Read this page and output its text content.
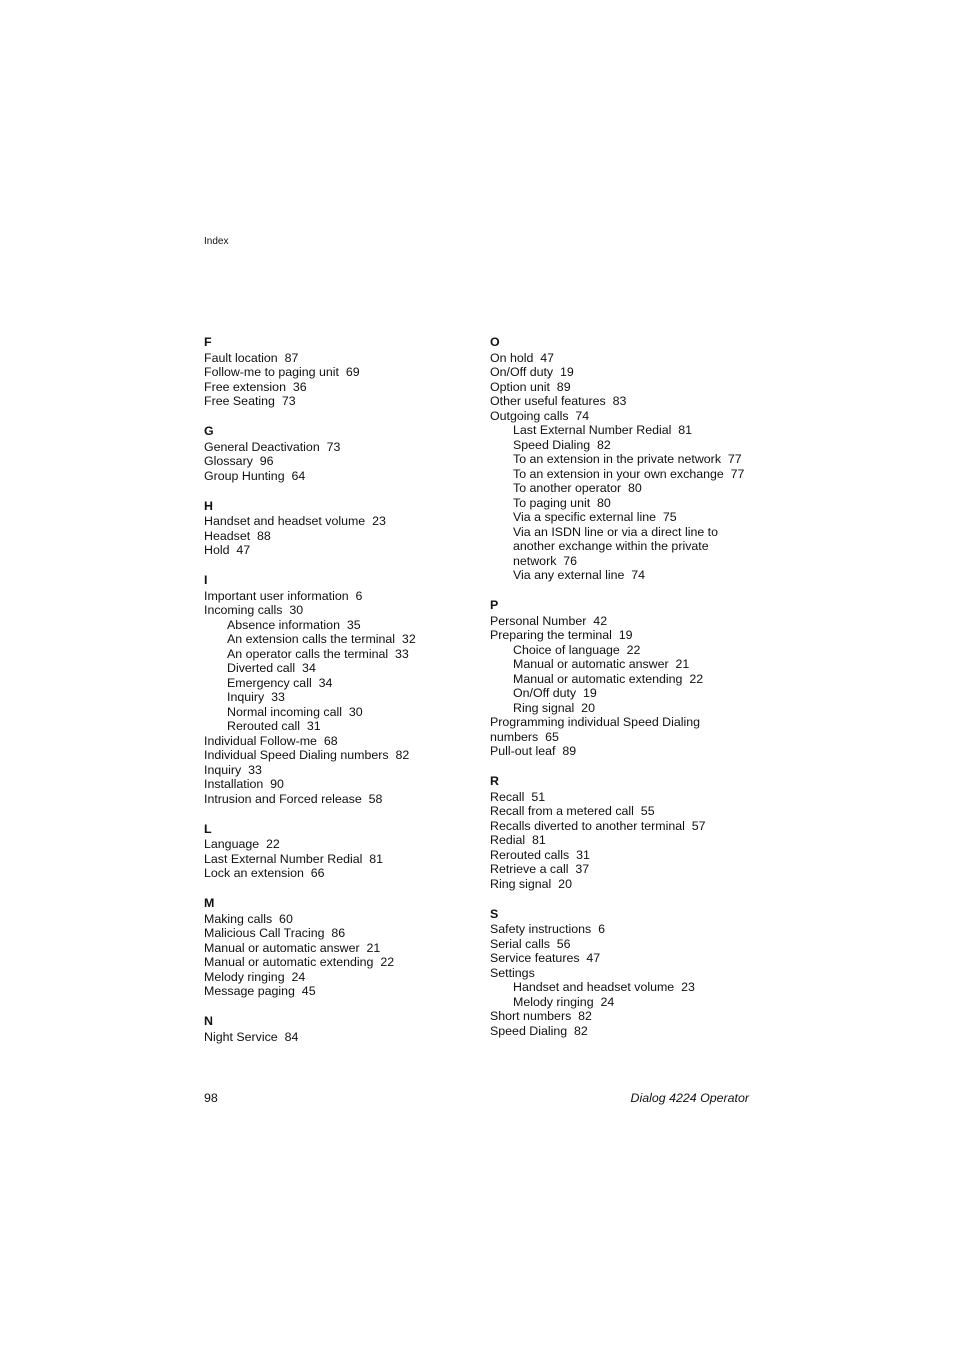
Index
F
Fault location  87
Follow-me to paging unit  69
Free extension  36
Free Seating  73
G
General Deactivation  73
Glossary  96
Group Hunting  64
H
Handset and headset volume  23
Headset  88
Hold  47
I
Important user information  6
Incoming calls  30
Absence information  35
An extension calls the terminal  32
An operator calls the terminal  33
Diverted call  34
Emergency call  34
Inquiry  33
Normal incoming call  30
Rerouted call  31
Individual Follow-me  68
Individual Speed Dialing numbers  82
Inquiry  33
Installation  90
Intrusion and Forced release  58
L
Language  22
Last External Number Redial  81
Lock an extension  66
M
Making calls  60
Malicious Call Tracing  86
Manual or automatic answer  21
Manual or automatic extending  22
Melody ringing  24
Message paging  45
N
Night Service  84
O
On hold  47
On/Off duty  19
Option unit  89
Other useful features  83
Outgoing calls  74
Last External Number Redial  81
Speed Dialing  82
To an extension in the private network  77
To an extension in your own exchange  77
To another operator  80
To paging unit  80
Via a specific external line  75
Via an ISDN line or via a direct line to
another exchange within the private
network  76
Via any external line  74
P
Personal Number  42
Preparing the terminal  19
Choice of language  22
Manual or automatic answer  21
Manual or automatic extending  22
On/Off duty  19
Ring signal  20
Programming individual Speed Dialing
numbers  65
Pull-out leaf  89
R
Recall  51
Recall from a metered call  55
Recalls diverted to another terminal  57
Redial  81
Rerouted calls  31
Retrieve a call  37
Ring signal  20
S
Safety instructions  6
Serial calls  56
Service features  47
Settings
Handset and headset volume  23
Melody ringing  24
Short numbers  82
Speed Dialing  82
98	Dialog 4224 Operator
